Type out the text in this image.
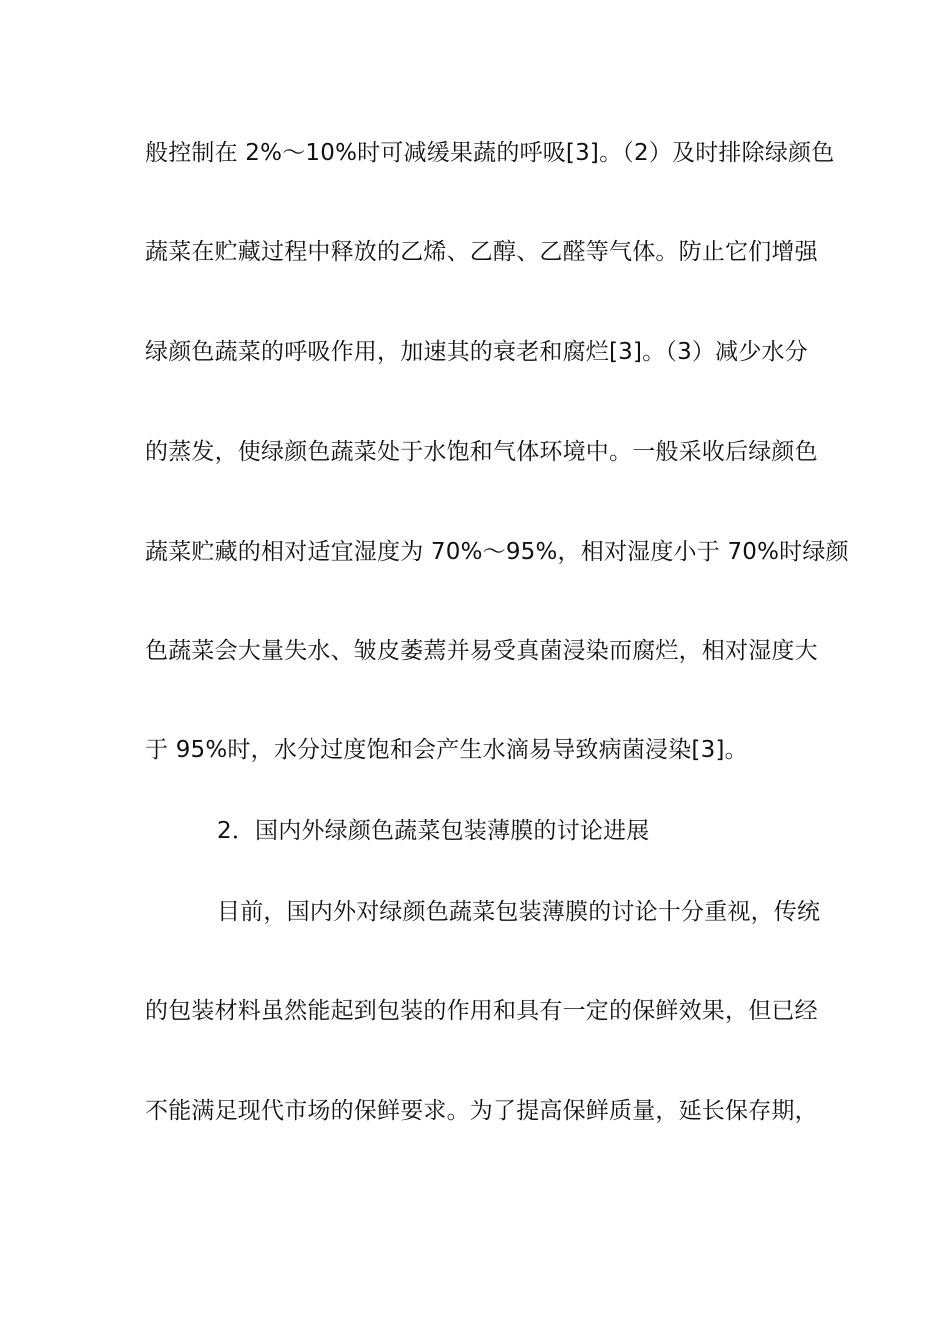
般控制在 2%～10%时可减缓果蔬的呼吸[3]。（2）及时排除绿颜色
蔬菜在贮藏过程中释放的乙烯、乙醇、乙醛等气体。防止它们增强
绿颜色蔬菜的呼吸作用，加速其的衰老和腐烂[3]。（3）减少水分
的蒸发，使绿颜色蔬菜处于水饱和气体环境中。一般采收后绿颜色
蔬菜贮藏的相对适宜湿度为 70%～95%，相对湿度小于 70%时绿颜
色蔬菜会大量失水、皱皮萎蔫并易受真菌浸染而腐烂，相对湿度大
于 95%时，水分过度饱和会产生水滴易导致病菌浸染[3]。
2．国内外绿颜色蔬菜包装薄膜的讨论进展
目前，国内外对绿颜色蔬菜包装薄膜的讨论十分重视，传统
的包装材料虽然能起到包装的作用和具有一定的保鲜效果，但已经
不能满足现代市场的保鲜要求。为了提高保鲜质量，延长保存期，
